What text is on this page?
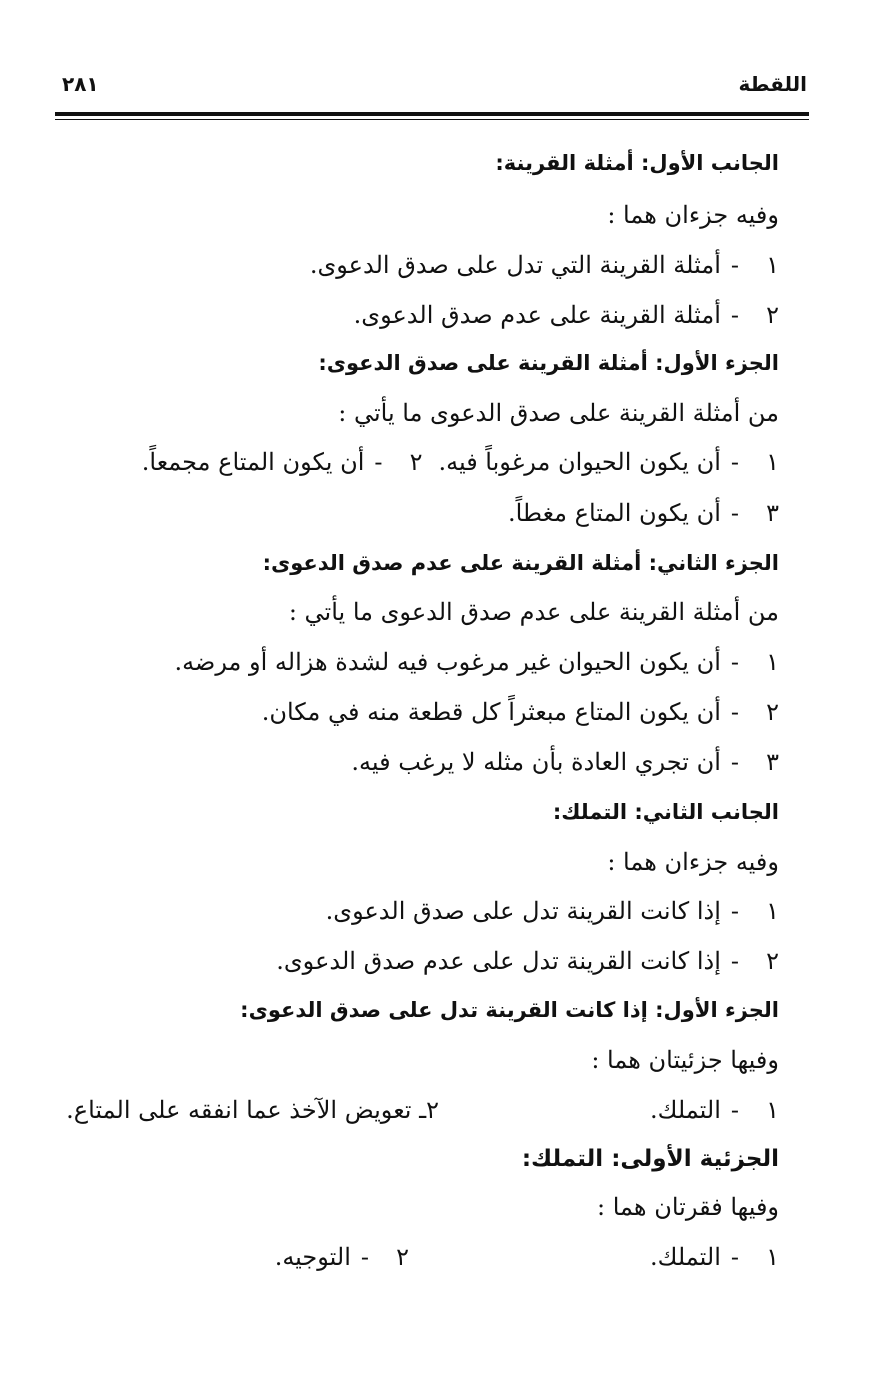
اللقطة
٢٨١
الجانب الأول: أمثلة القرينة:
وفيه جزءان هما :
١-أمثلة القرينة التي تدل على صدق الدعوى.
٢-أمثلة القرينة على عدم صدق الدعوى.
الجزء الأول: أمثلة القرينة على صدق الدعوى:
من أمثلة القرينة على صدق الدعوى ما يأتي :
١-أن يكون الحيوان مرغوباً فيه.٢-أن يكون المتاع مجمعاً.
٣-أن يكون المتاع مغطاً.
الجزء الثاني: أمثلة القرينة على عدم صدق الدعوى:
من أمثلة القرينة على عدم صدق الدعوى ما يأتي :
١-أن يكون الحيوان غير مرغوب فيه لشدة هزاله أو مرضه.
٢-أن يكون المتاع مبعثراً كل قطعة منه في مكان.
٣-أن تجري العادة بأن مثله لا يرغب فيه.
الجانب الثاني: التملك:
وفيه جزءان هما :
١-إذا كانت القرينة تدل على صدق الدعوى.
٢-إذا كانت القرينة تدل على عدم صدق الدعوى.
الجزء الأول: إذا كانت القرينة تدل على صدق الدعوى:
وفيها جزئيتان هما :
١-التملك.
٢ـ تعويض الآخذ عما انفقه على المتاع.
الجزئية الأولى: التملك:
وفيها فقرتان هما :
١-التملك.
٢-التوجيه.
